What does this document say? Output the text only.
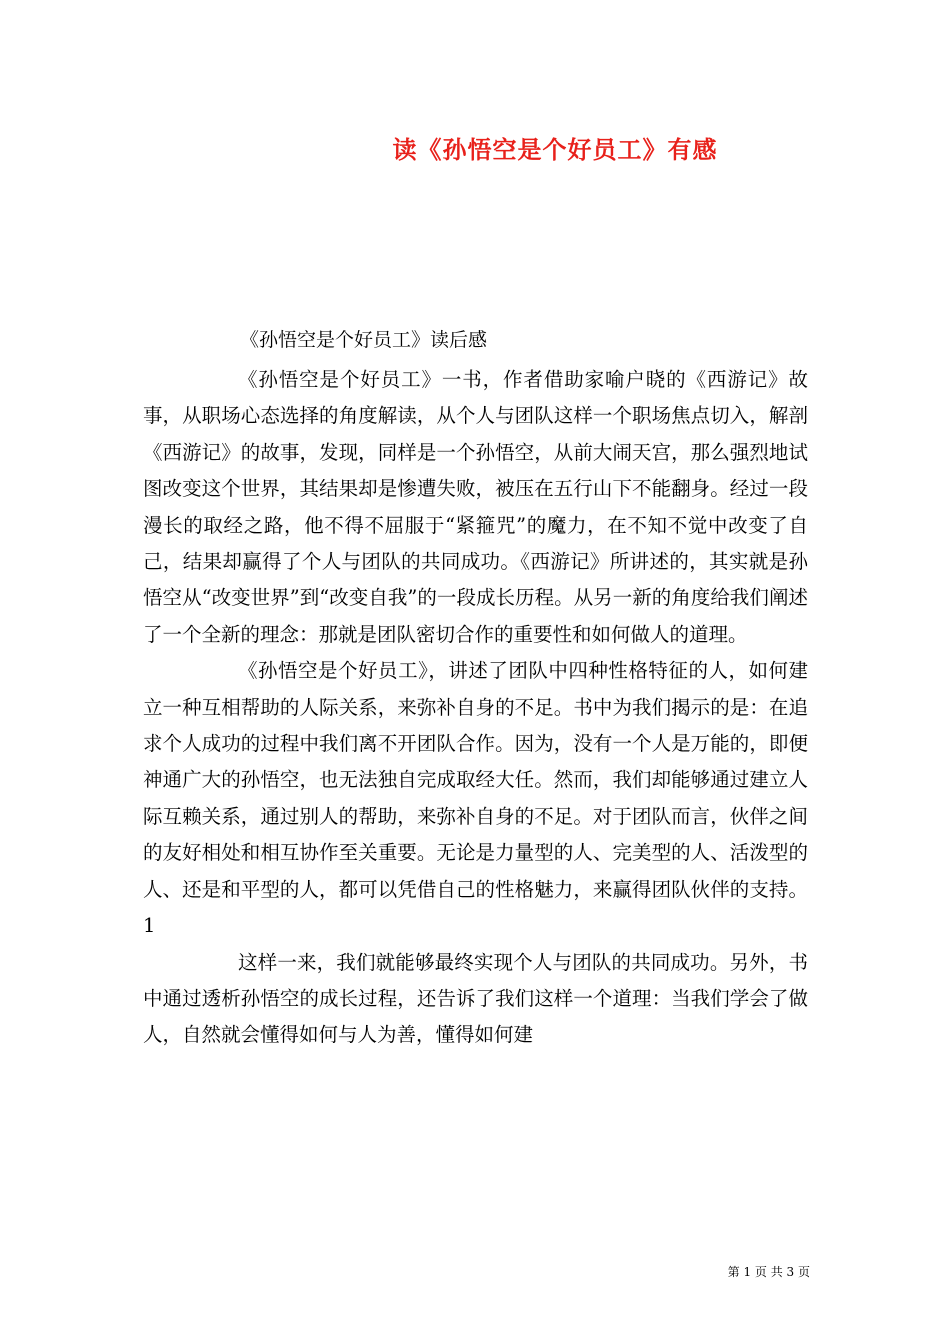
读《孙悟空是个好员工》有感
《孙悟空是个好员工》读后感

《孙悟空是个好员工》一书，作者借助家喻户晓的《西游记》故事，从职场心态选择的角度解读，从个人与团队这样一个职场焦点切入，解剖《西游记》的故事，发现，同样是一个孙悟空，从前大闹天宫，那么强烈地试图改变这个世界，其结果却是惨遭失败，被压在五行山下不能翻身。经过一段漫长的取经之路，他不得不屈服于“紧箍咒”的魔力，在不知不觉中改变了自己，结果却赢得了个人与团队的共同成功。《西游记》所讲述的，其实就是孙悟空从“改变世界”到“改变自我”的一段成长历程。从另一新的角度给我们阐述了一个全新的理念：那就是团队密切合作的重要性和如何做人的道理。

《孙悟空是个好员工》，讲述了团队中四种性格特征的人，如何建立一种互相帮助的人际关系，来弥补自身的不足。书中为我们揭示的是：在追求个人成功的过程中我们离不开团队合作。因为，没有一个人是万能的，即便神通广大的孙悟空，也无法独自完成取经大任。然而，我们却能够通过建立人际互赖关系，通过别人的帮助，来弥补自身的不足。对于团队而言，伙伴之间的友好相处和相互协作至关重要。无论是力量型的人、完美型的人、活泼型的人、还是和平型的人，都可以凭借自己的性格魅力，来赢得团队伙伴的支持。1

这样一来，我们就能够最终实现个人与团队的共同成功。另外，书中通过透析孙悟空的成长过程，还告诉了我们这样一个道理：当我们学会了做人，自然就会懂得如何与人为善，懂得如何建

第 1 页 共 3 页
